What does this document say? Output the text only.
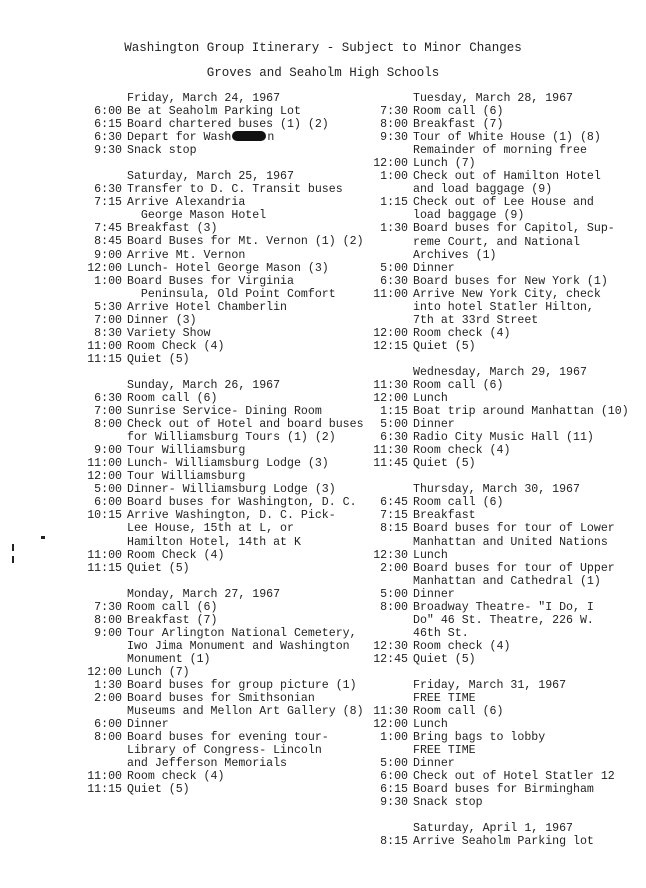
Washington Group Itinerary - Subject to Minor Changes
Groves and Seaholm High Schools
Friday, March 24, 1967
6:00 Be at Seaholm Parking Lot
6:15 Board chartered buses (1) (2)
6:30 Depart for Wash	n
9:30 Snack stop
Saturday, March 25, 1967
6:30 Transfer to D. C. Transit buses
7:15 Arrive Alexandria
George Mason Hotel
7:45 Breakfast (3)
8:45 Board Buses for Mt. Vernon (1) (2)
9:00 Arrive Mt. Vernon
12:00 Lunch- Hotel George Mason (3)
1:00 Board Buses for Virginia
Peninsula, Old Point Comfort
5:30 Arrive Hotel Chamberlin
7:00 Dinner (3)
8:30 Variety Show
11:00 Room Check (4)
11:15 Quiet (5)
Sunday, March 26, 1967
6:30 Room call (6)
7:00 Sunrise Service- Dining Room
8:00 Check out of Hotel and board buses
for Williamsburg Tours (1) (2)
9:00 Tour Williamsburg
11:00 Lunch- Williamsburg Lodge (3)
12:00 Tour Williamsburg
5:00 Dinner- Williamsburg Lodge (3)
6:00 Board buses for Washington, D. C.
10:15 Arrive Washington, D. C. Pick-
Lee House, 15th at L, or
Hamilton Hotel, 14th at K
11:00 Room Check (4)
11:15 Quiet (5)
Monday, March 27, 1967
7:30 Room call (6)
8:00 Breakfast (7)
9:00 Tour Arlington National Cemetery,
Iwo Jima Monument and Washington
Monument (1)
12:00 Lunch (7)
1:30 Board buses for group picture (1)
2:00 Board buses for Smithsonian
Museums and Mellon Art Gallery (8)
6:00 Dinner
8:00 Board buses for evening tour-
Library of Congress- Lincoln
and Jefferson Memorials
11:00 Room check (4)
11:15 Quiet (5)
Tuesday, March 28, 1967
7:30 Room call (6)
8:00 Breakfast (7)
9:30 Tour of White House (1) (8)
Remainder of morning free
12:00 Lunch (7)
1:00 Check out of Hamilton Hotel
and load baggage (9)
1:15 Check out of Lee House and
load baggage (9)
1:30 Board buses for Capitol, Sup-
reme Court, and National
Archives (1)
5:00 Dinner
6:30 Board buses for New York (1)
11:00 Arrive New York City, check
into hotel Statler Hilton,
7th at 33rd Street
12:00 Room check (4)
12:15 Quiet (5)
Wednesday, March 29, 1967
11:30 Room call (6)
12:00 Lunch
1:15 Boat trip around Manhattan (10)
5:00 Dinner
6:30 Radio City Music Hall (11)
11:30 Room check (4)
11:45 Quiet (5)
Thursday, March 30, 1967
6:45 Room call (6)
7:15 Breakfast
8:15 Board buses for tour of Lower
Manhattan and United Nations
12:30 Lunch
2:00 Board buses for tour of Upper
Manhattan and Cathedral (1)
5:00 Dinner
8:00 Broadway Theatre- "I Do, I
Do" 46 St. Theatre, 226 W.
46th St.
12:30 Room check (4)
12:45 Quiet (5)
Friday, March 31, 1967
FREE TIME
11:30 Room call (6)
12:00 Lunch
1:00 Bring bags to lobby
FREE TIME
5:00 Dinner
6:00 Check out of Hotel Statler 12
6:15 Board buses for Birmingham
9:30 Snack stop
Saturday, April 1, 1967
8:15 Arrive Seaholm Parking lot
